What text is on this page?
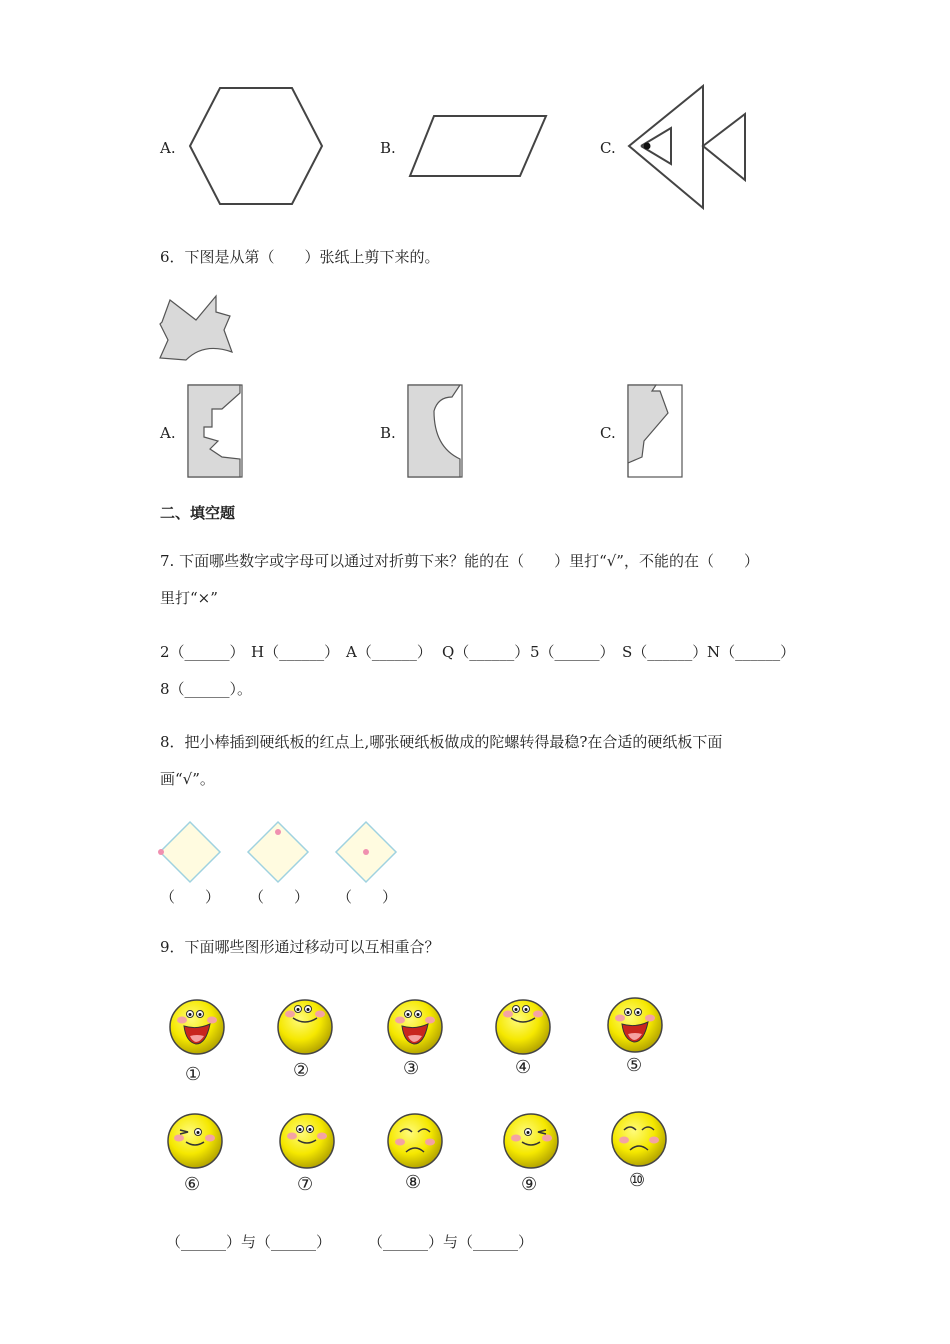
A.	B.	C.
6．下图是从第（　　）张纸上剪下来的。
A.	B.	C.
二、填空题
7. 下面哪些数字或字母可以通过对折剪下来？能的在（　　）里打“√”，不能的在（　　）
里打“×”
2（______） H（______） A（______） Q（______） 5（______） S（______） N（______）
8（______）。
8．把小棒插到硬纸板的红点上,哪张硬纸板做成的陀螺转得最稳?在合适的硬纸板下面
画“√”。
（　　） （　　） （　　）
9．下面哪些图形通过移动可以互相重合？
①	②	③	④	⑤
⑥	⑦	⑧	⑨	⑩
（______）与（______） （______）与（______）
